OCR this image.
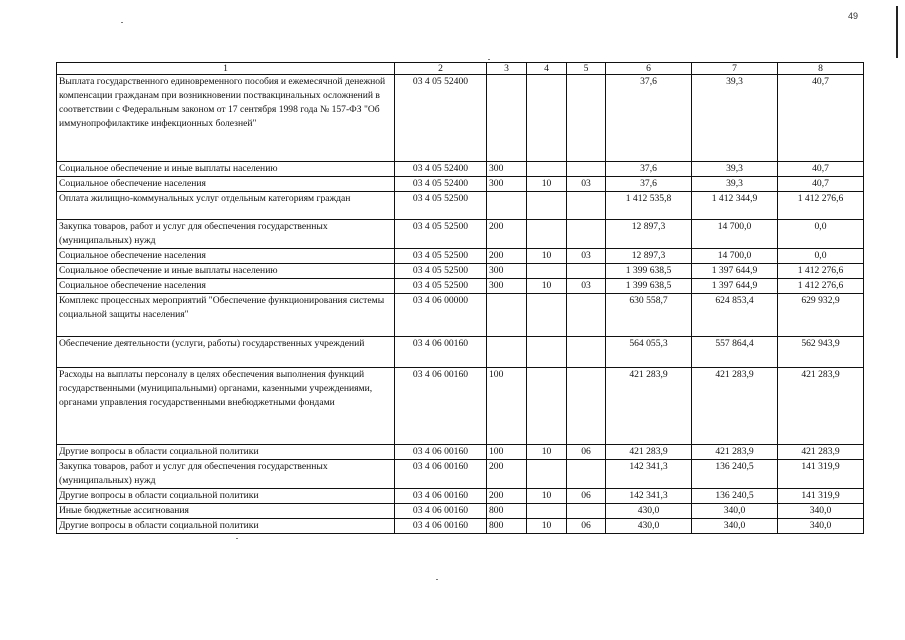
49
1	2	3	4	5	6	7	8
Выплата государственного единовременного пособия и ежемесячной денежной компенсации гражданам при возникновении поствакцинальных осложнений в соответствии с Федеральным законом от 17 сентября 1998 года № 157-ФЗ "Об иммунопрофилактике инфекционных болезней"	03 4 05 52400				37,6	39,3	40,7
Социальное обеспечение и иные выплаты населению	03 4 05 52400	300			37,6	39,3	40,7
Социальное обеспечение населения	03 4 05 52400	300	10	03	37,6	39,3	40,7
Оплата жилищно-коммунальных услуг отдельным категориям граждан	03 4 05 52500				1 412 535,8	1 412 344,9	1 412 276,6
Закупка товаров, работ и услуг для обеспечения государственных (муниципальных) нужд	03 4 05 52500	200			12 897,3	14 700,0	0,0
Социальное обеспечение населения	03 4 05 52500	200	10	03	12 897,3	14 700,0	0,0
Социальное обеспечение и иные выплаты населению	03 4 05 52500	300			1 399 638,5	1 397 644,9	1 412 276,6
Социальное обеспечение населения	03 4 05 52500	300	10	03	1 399 638,5	1 397 644,9	1 412 276,6
Комплекс процессных мероприятий "Обеспечение функционирования системы социальной защиты населения"	03 4 06 00000				630 558,7	624 853,4	629 932,9
Обеспечение деятельности (услуги, работы) государственных учреждений	03 4 06 00160				564 055,3	557 864,4	562 943,9
Расходы на выплаты персоналу в целях обеспечения выполнения функций государственными (муниципальными) органами, казенными учреждениями, органами управления государственными внебюджетными фондами	03 4 06 00160	100			421 283,9	421 283,9	421 283,9
Другие вопросы в области социальной политики	03 4 06 00160	100	10	06	421 283,9	421 283,9	421 283,9
Закупка товаров, работ и услуг для обеспечения государственных (муниципальных) нужд	03 4 06 00160	200			142 341,3	136 240,5	141 319,9
Другие вопросы в области социальной политики	03 4 06 00160	200	10	06	142 341,3	136 240,5	141 319,9
Иные бюджетные ассигнования	03 4 06 00160	800			430,0	340,0	340,0
Другие вопросы в области социальной политики	03 4 06 00160	800	10	06	430,0	340,0	340,0
